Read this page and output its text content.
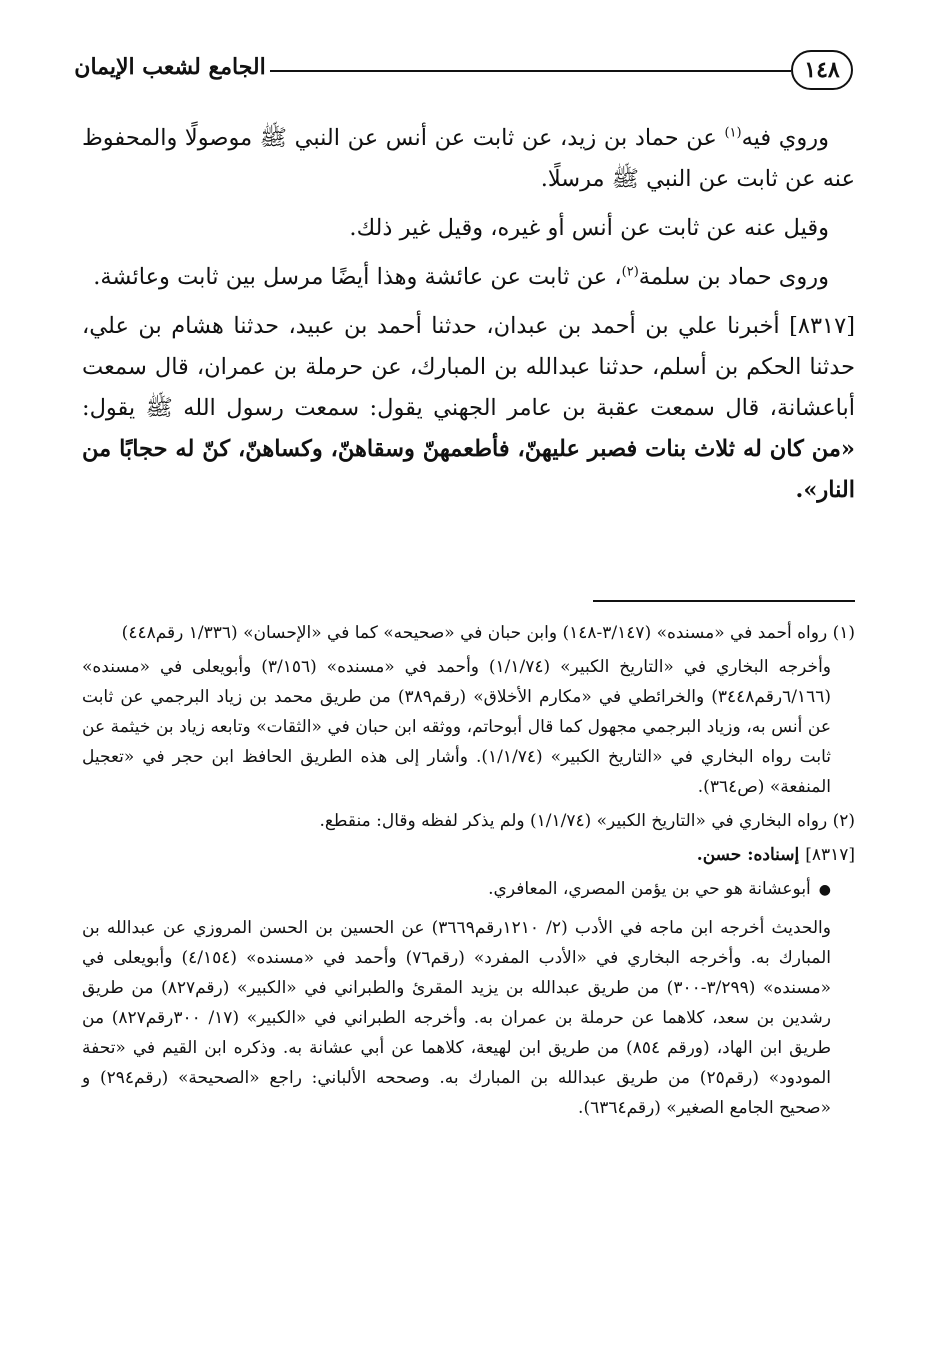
١٤٨
الجامع لشعب الإيمان

وروي فيه$^{(١)}$ عن حماد بن زيد، عن ثابت عن أنس عن النبي ﷺ موصولًا والمحفوظ عنه عن ثابت عن النبي ﷺ مرسلًا.

وقيل عنه عن ثابت عن أنس أو غيره، وقيل غير ذلك.

وروى حماد بن سلمة$^{(٢)}$، عن ثابت عن عائشة وهذا أيضًا مرسل بين ثابت وعائشة.

[٨٣١٧] أخبرنا علي بن أحمد بن عبدان، حدثنا أحمد بن عبيد، حدثنا هشام بن علي، حدثنا الحكم بن أسلم، حدثنا عبدالله بن المبارك، عن حرملة بن عمران، قال سمعت أباعشانة، قال سمعت عقبة بن عامر الجهني يقول: سمعت رسول الله ﷺ يقول: «من كان له ثلاث بنات فصبر عليهنّ، فأطعمهنّ وسقاهنّ، وكساهنّ، كنّ له حجابًا من النار».

(١) رواه أحمد في «مسنده» (٣/١٤٧-١٤٨) وابن حبان في «صحيحه» كما في «الإحسان» (١/٣٣٦ رقم٤٤٨)

وأخرجه البخاري في «التاريخ الكبير» (١/١/٧٤) وأحمد في «مسنده» (٣/١٥٦) وأبويعلى في «مسنده» (٦/١٦٦رقم٣٤٤٨) والخرائطي في «مكارم الأخلاق» (رقم٣٨٩) من طريق محمد بن زياد البرجمي عن ثابت عن أنس به، وزياد البرجمي مجهول كما قال أبوحاتم، ووثقه ابن حبان في «الثقات» وتابعه زياد بن خيثمة عن ثابت رواه البخاري في «التاريخ الكبير» (١/١/٧٤). وأشار إلى هذه الطريق الحافظ ابن حجر في «تعجيل المنفعة» (ص٣٦٤).

(٢) رواه البخاري في «التاريخ الكبير» (١/١/٧٤) ولم يذكر لفظه وقال: منقطع.

[٨٣١٧] إسناده: حسن.

●أبوعشانة هو حي بن يؤمن المصري، المعافري.

والحديث أخرجه ابن ماجه في الأدب (٢/ ١٢١٠رقم٣٦٦٩) عن الحسين بن الحسن المروزي عن عبدالله بن المبارك به. وأخرجه البخاري في «الأدب المفرد» (رقم٧٦) وأحمد في «مسنده» (٤/١٥٤) وأبويعلى في «مسنده» (٣/٢٩٩-٣٠٠) من طريق عبدالله بن يزيد المقرئ والطبراني في «الكبير» (رقم٨٢٧) من طريق رشدين بن سعد، كلاهما عن حرملة بن عمران به. وأخرجه الطبراني في «الكبير» (١٧/ ٣٠٠رقم٨٢٧) من طريق ابن الهاد، (ورقم ٨٥٤) من طريق ابن لهيعة، كلاهما عن أبي عشانة به. وذكره ابن القيم في «تحفة المودود» (رقم٢٥) من طريق عبدالله بن المبارك به. وصححه الألباني: راجع «الصحيحة» (رقم٢٩٤) و «صحيح الجامع الصغير» (رقم٦٣٦٤).
